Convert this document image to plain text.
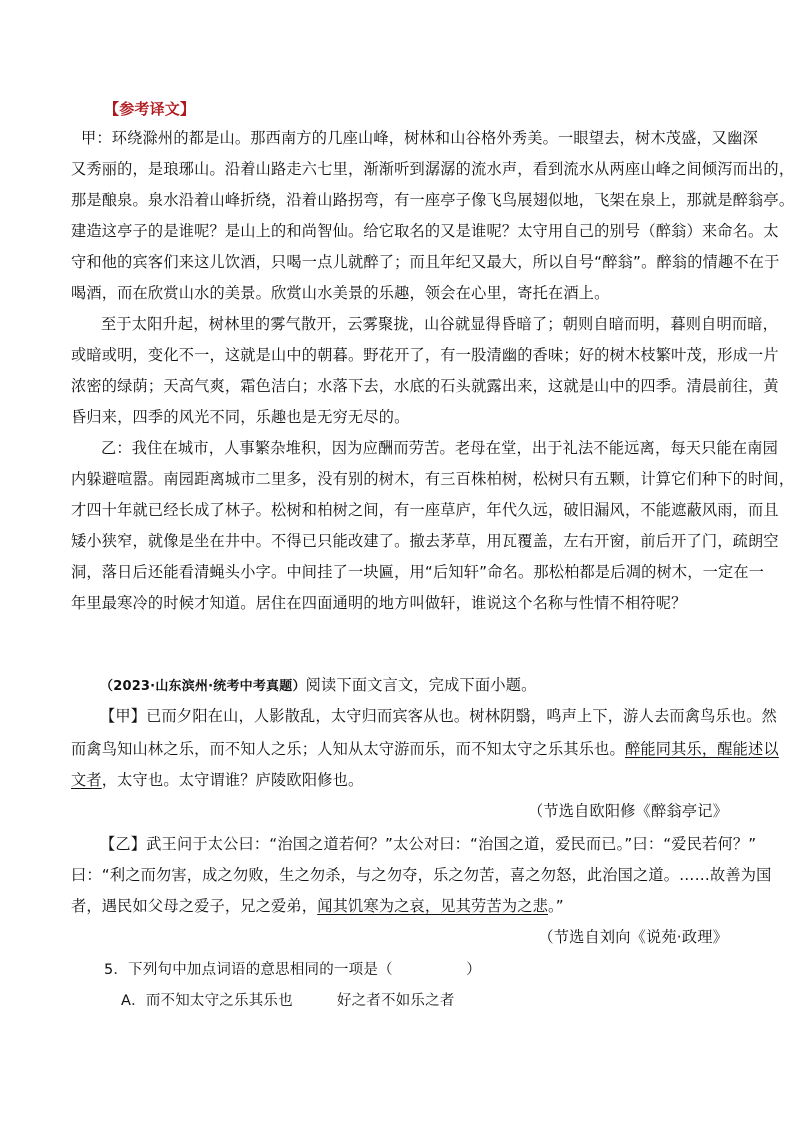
【参考译文】
甲：环绕滁州的都是山。那西南方的几座山峰，树林和山谷格外秀美。一眼望去，树木茂盛，又幽深
又秀丽的，是琅琊山。沿着山路走六七里，渐渐听到潺潺的流水声，看到流水从两座山峰之间倾泻而出的，
那是酿泉。泉水沿着山峰折绕，沿着山路拐弯，有一座亭子像飞鸟展翅似地，飞架在泉上，那就是醉翁亭。
建造这亭子的是谁呢？是山上的和尚智仙。给它取名的又是谁呢？太守用自己的别号（醉翁）来命名。太
守和他的宾客们来这儿饮酒，只喝一点儿就醉了；而且年纪又最大，所以自号“醉翁”。醉翁的情趣不在于
喝酒，而在欣赏山水的美景。欣赏山水美景的乐趣，领会在心里，寄托在酒上。
至于太阳升起，树林里的雾气散开，云雾聚拢，山谷就显得昏暗了；朝则自暗而明，暮则自明而暗，
或暗或明，变化不一，这就是山中的朝暮。野花开了，有一股清幽的香味；好的树木枝繁叶茂，形成一片
浓密的绿荫；天高气爽，霜色洁白；水落下去，水底的石头就露出来，这就是山中的四季。清晨前往，黄
昏归来，四季的风光不同，乐趣也是无穷无尽的。
乙：我住在城市，人事繁杂堆积，因为应酬而劳苦。老母在堂，出于礼法不能远离，每天只能在南园
内躲避喧嚣。南园距离城市二里多，没有别的树木，有三百株柏树，松树只有五颗，计算它们种下的时间，
才四十年就已经长成了林子。松树和柏树之间，有一座草庐，年代久远，破旧漏风，不能遮蔽风雨，而且
矮小狭窄，就像是坐在井中。不得已只能改建了。撤去茅草，用瓦覆盖，左右开窗，前后开了门，疏朗空
洞，落日后还能看清蝇头小字。中间挂了一块匾，用“后知轩”命名。那松柏都是后凋的树木，一定在一
年里最寒冷的时候才知道。居住在四面通明的地方叫做轩，谁说这个名称与性情不相符呢？
（2023·山东滨州·统考中考真题）阅读下面文言文，完成下面小题。
【甲】已而夕阳在山，人影散乱，太守归而宾客从也。树林阴翳，鸣声上下，游人去而禽鸟乐也。然
而禽鸟知山林之乐，而不知人之乐；人知从太守游而乐，而不知太守之乐其乐也。醉能同其乐，醒能述以
文者，太守也。太守谓谁？庐陵欧阳修也。
（节选自欧阳修《醉翁亭记》
【乙】武王问于太公曰：“治国之道若何？”太公对曰：“治国之道，爱民而已。”曰：“爱民若何？”
曰：“利之而勿害，成之勿败，生之勿杀，与之勿夺，乐之勿苦，喜之勿怒，此治国之道。……故善为国
者，遇民如父母之爱子，兄之爱弟，闻其饥寒为之哀，见其劳苦为之悲。”
（节选自刘向《说苑·政理》
5．下列句中加点词语的意思相同的一项是（　　　　　）
A．而不知太守之乐其乐也　　　好之者不如乐之者
